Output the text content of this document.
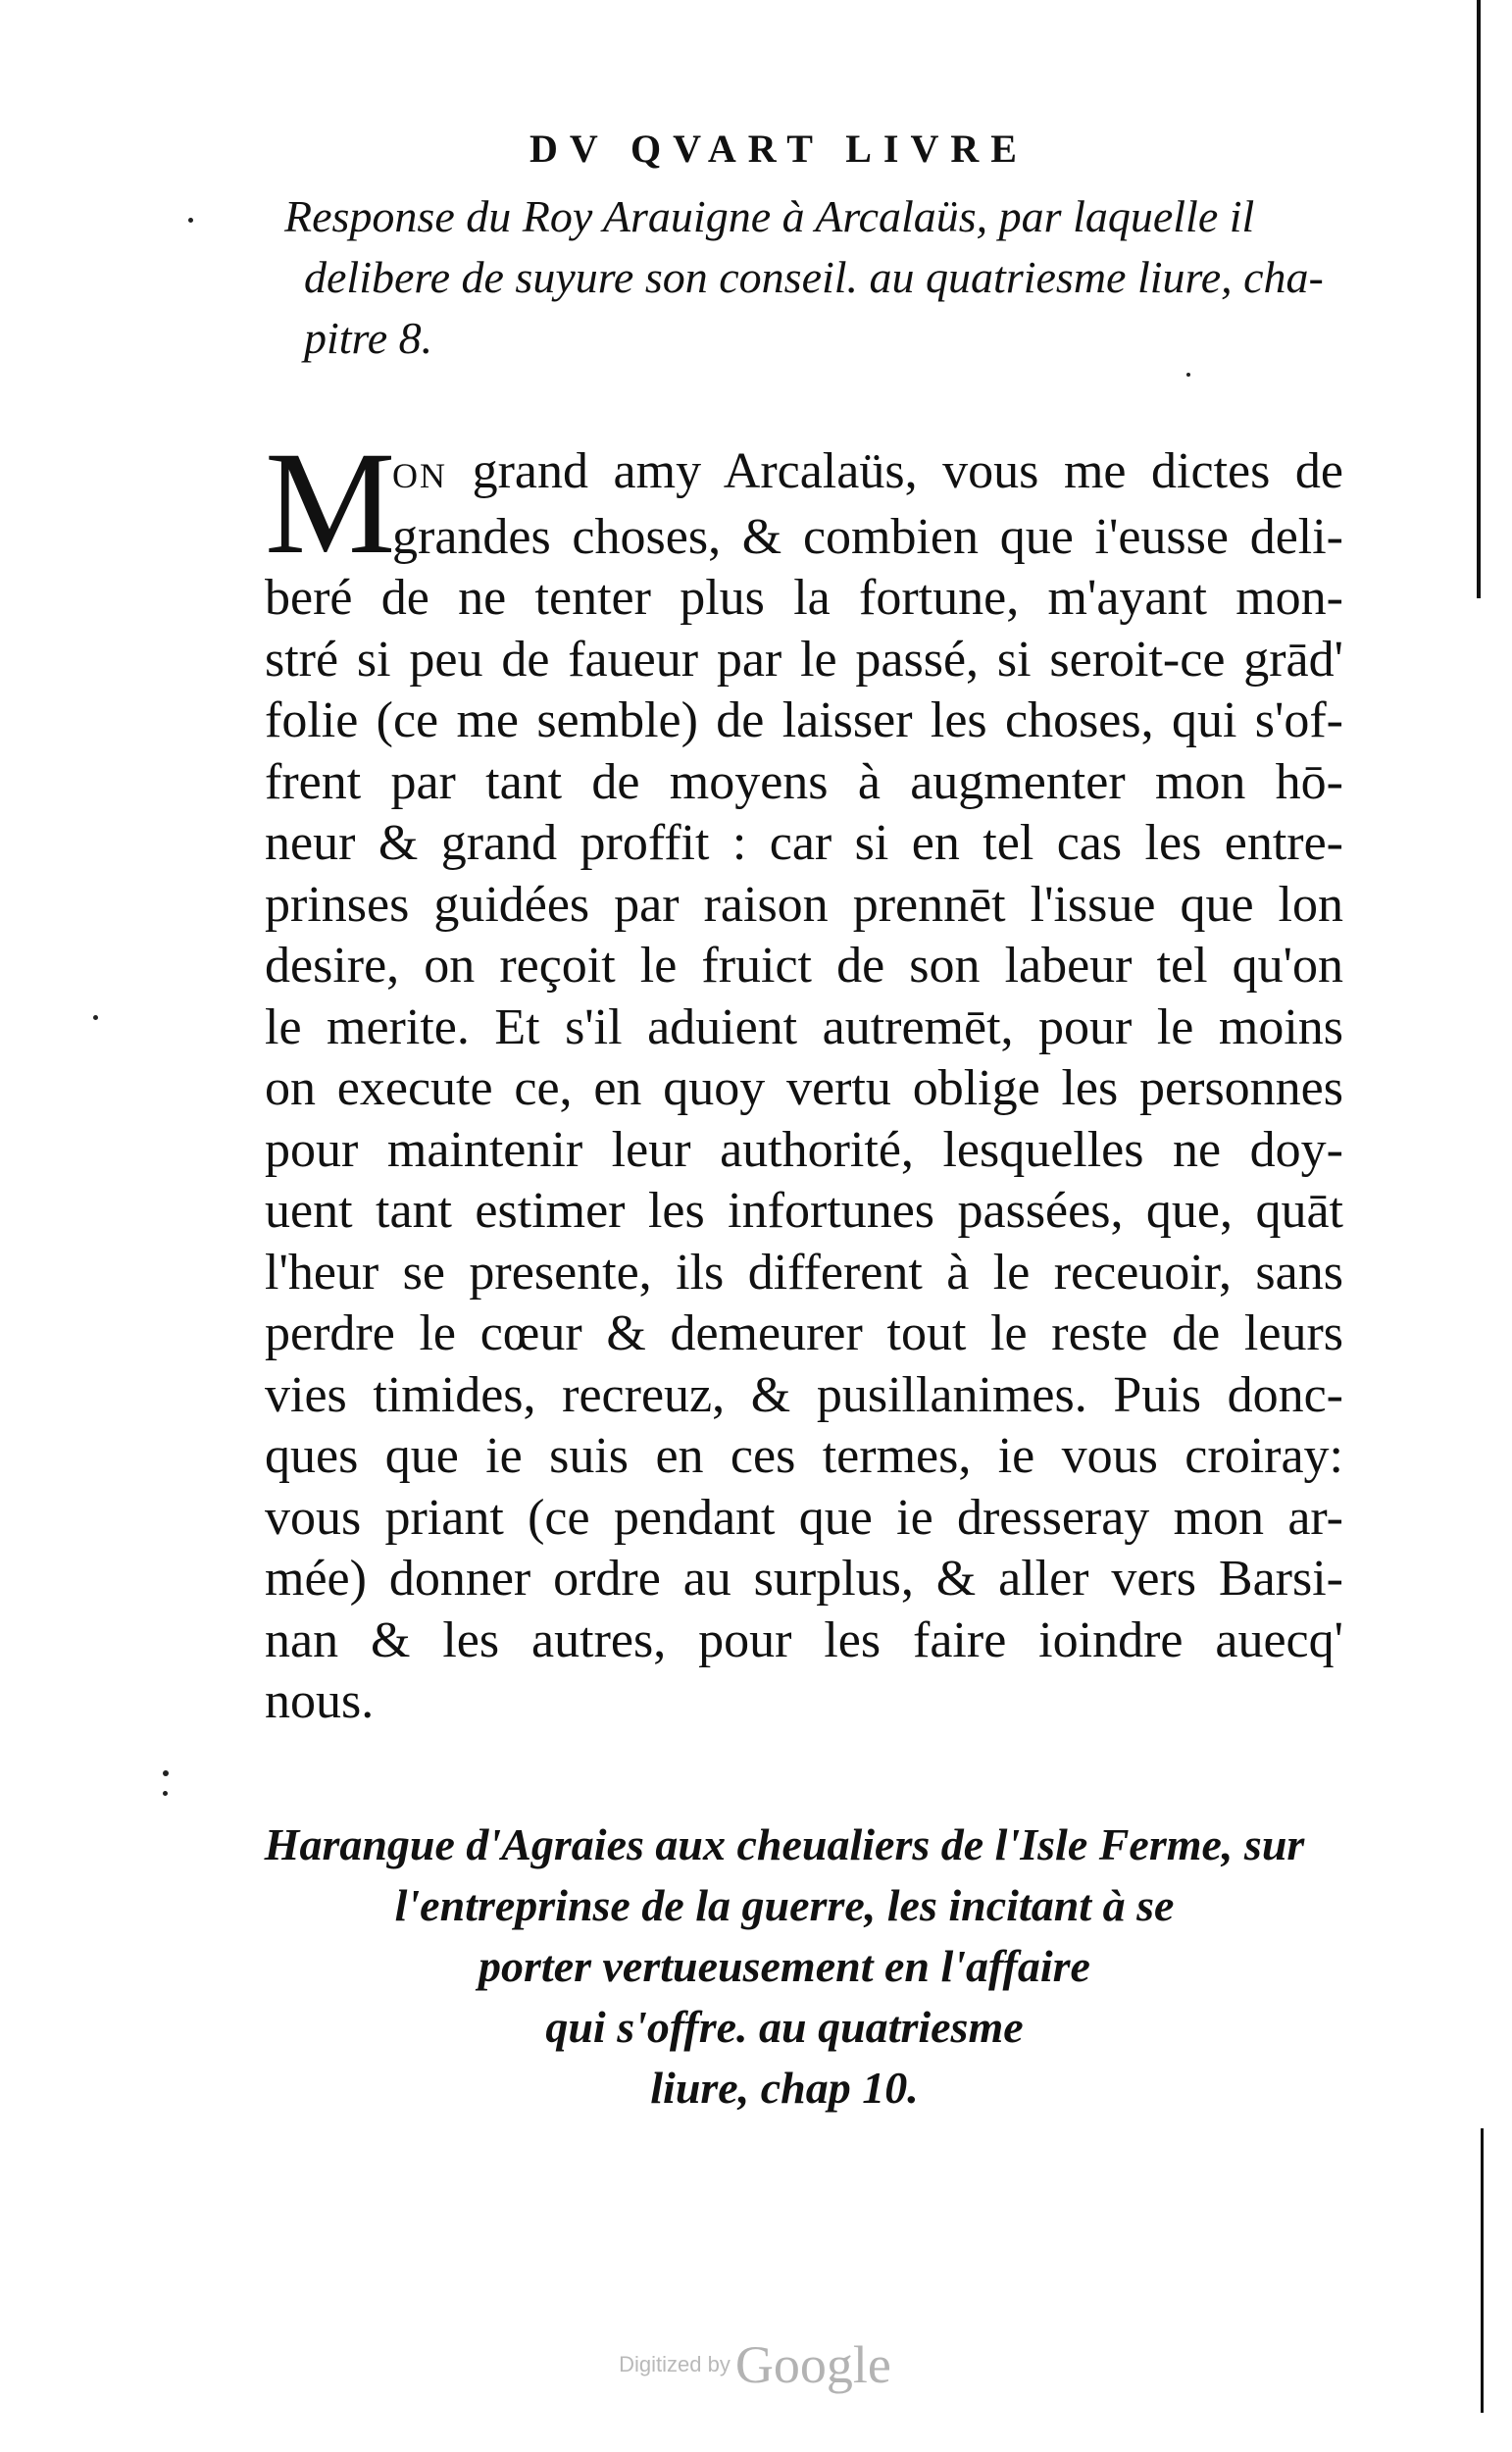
DV QVART LIVRE
Response du Roy Arauigne à Arcalaüs, par laquelle il
delibere de suyure son conseil. au quatriesme liure, cha-
pitre 8.
M
ON grand amy Arcalaüs, vous me dictes de
grandes choses, & combien que i'eusse deli-
beré de ne tenter plus la fortune, m'ayant mon-
stré si peu de faueur par le passé, si seroit-ce grād'
folie (ce me semble) de laisser les choses, qui s'of-
frent par tant de moyens à augmenter mon hō-
neur & grand proffit : car si en tel cas les entre-
prinses guidées par raison prennēt l'issue que lon
desire, on reçoit le fruict de son labeur tel qu'on
le merite. Et s'il aduient autremēt, pour le moins
on execute ce, en quoy vertu oblige les personnes
pour maintenir leur authorité, lesquelles ne doy-
uent tant estimer les infortunes passées, que, quāt
l'heur se presente, ils different à le receuoir, sans
perdre le cœur & demeurer tout le reste de leurs
vies timides, recreuz, & pusillanimes. Puis donc-
ques que ie suis en ces termes, ie vous croiray:
vous priant (ce pendant que ie dresseray mon ar-
mée) donner ordre au surplus, & aller vers Barsi-
nan & les autres, pour les faire ioindre auecq'
nous.
Harangue d'Agraies aux cheualiers de l'Isle Ferme, sur
l'entreprinse de la guerre, les incitant à se
porter vertueusement en l'affaire
qui s'offre. au quatriesme
liure, chap 10.
Digitized by Google
